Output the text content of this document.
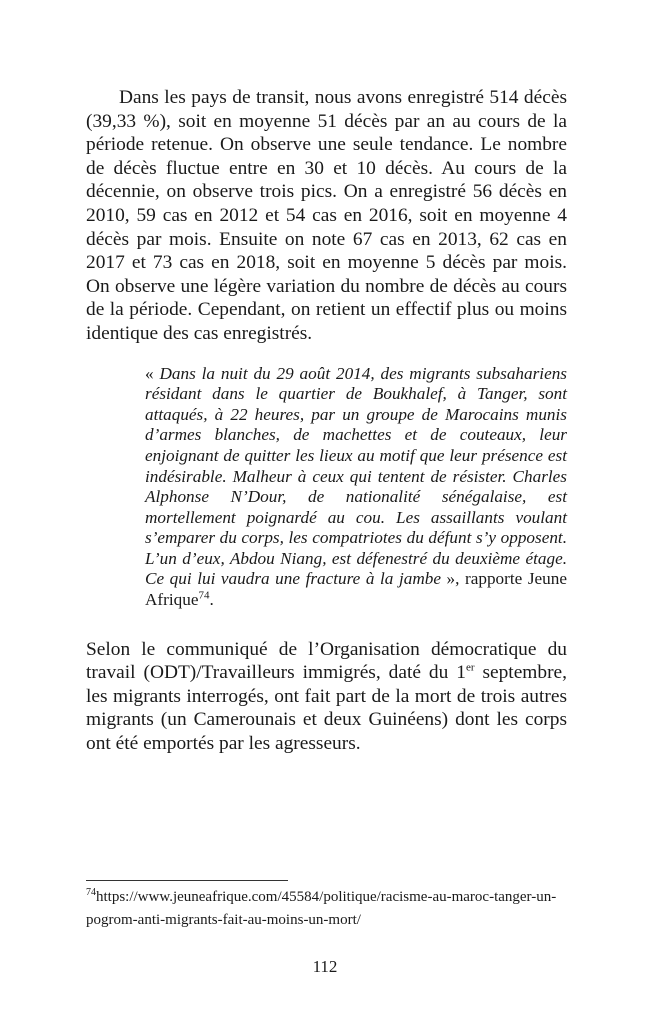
Dans les pays de transit, nous avons enregistré 514 décès (39,33 %), soit en moyenne 51 décès par an au cours de la période retenue. On observe une seule tendance. Le nombre de décès fluctue entre en 30 et 10 décès. Au cours de la décennie, on observe trois pics. On a enregistré 56 décès en 2010, 59 cas en 2012 et 54 cas en 2016, soit en moyenne 4 décès par mois. Ensuite on note 67 cas en 2013, 62 cas en 2017 et 73 cas en 2018, soit en moyenne 5 décès par mois. On observe une légère variation du nombre de décès au cours de la période. Cependant, on retient un effectif plus ou moins identique des cas enregistrés.

« Dans la nuit du 29 août 2014, des migrants subsahariens résidant dans le quartier de Boukhalef, à Tanger, sont attaqués, à 22 heures, par un groupe de Marocains munis d’armes blanches, de machettes et de couteaux, leur enjoignant de quitter les lieux au motif que leur présence est indésirable. Malheur à ceux qui tentent de résister. Charles Alphonse N’Dour, de nationalité sénégalaise, est mortellement poignardé au cou. Les assaillants voulant s’emparer du corps, les compatriotes du défunt s’y opposent. L’un d’eux, Abdou Niang, est défenestré du deuxième étage. Ce qui lui vaudra une fracture à la jambe », rapporte Jeune Afrique$^{74}$.

Selon le communiqué de l’Organisation démocratique du travail (ODT)/Travailleurs immigrés, daté du 1er septembre, les migrants interrogés, ont fait part de la mort de trois autres migrants (un Camerounais et deux Guinéens) dont les corps ont été emportés par les agresseurs.

$^{74}$https://www.jeuneafrique.com/45584/politique/racisme-au-maroc-tanger-un-pogrom-anti-migrants-fait-au-moins-un-mort/

112
